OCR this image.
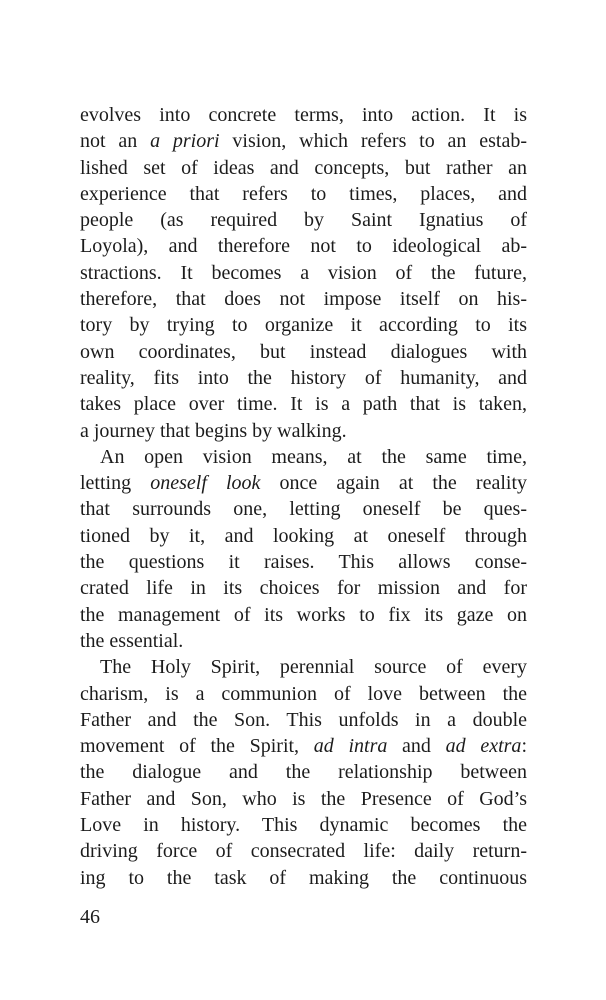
evolves into concrete terms, into action. It is
not an a priori vision, which refers to an estab-
lished set of ideas and concepts, but rather an
experience that refers to times, places, and
people (as required by Saint Ignatius of
Loyola), and therefore not to ideological ab-
stractions. It becomes a vision of the future,
therefore, that does not impose itself on his-
tory by trying to organize it according to its
own coordinates, but instead dialogues with
reality, fits into the history of humanity, and
takes place over time. It is a path that is taken,
a journey that begins by walking.
An open vision means, at the same time,
letting oneself look once again at the reality
that surrounds one, letting oneself be ques-
tioned by it, and looking at oneself through
the questions it raises. This allows conse-
crated life in its choices for mission and for
the management of its works to fix its gaze on
the essential.
The Holy Spirit, perennial source of every
charism, is a communion of love between the
Father and the Son. This unfolds in a double
movement of the Spirit, ad intra and ad extra:
the dialogue and the relationship between
Father and Son, who is the Presence of God’s
Love in history. This dynamic becomes the
driving force of consecrated life: daily return-
ing to the task of making the continuous
46
